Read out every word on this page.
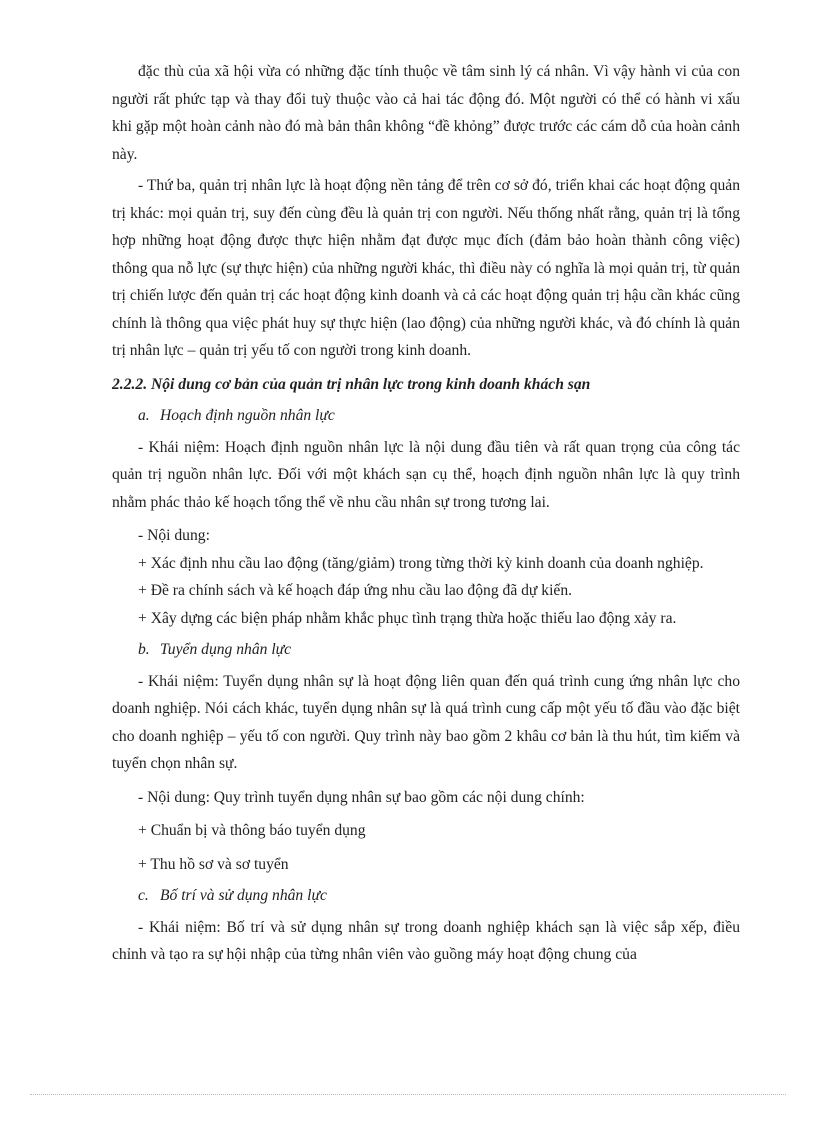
đặc thù của xã hội vừa có những đặc tính thuộc về tâm sinh lý cá nhân. Vì vậy hành vi của con người rất phức tạp và thay đổi tuỳ thuộc vào cả hai tác động đó. Một người có thể có hành vi xấu khi gặp một hoàn cảnh nào đó mà bản thân không “đề khỏng” được trước các cám dỗ của hoàn cảnh này.

- Thứ ba, quản trị nhân lực là hoạt động nền tảng để trên cơ sở đó, triển khai các hoạt động quản trị khác: mọi quản trị, suy đến cùng đều là quản trị con người. Nếu thống nhất rằng, quản trị là tổng hợp những hoạt động được thực hiện nhằm đạt được mục đích (đảm bảo hoàn thành công việc) thông qua nỗ lực (sự thực hiện) của những người khác, thì điều này có nghĩa là mọi quản trị, từ quản trị chiến lược đến quản trị các hoạt động kinh doanh và cả các hoạt động quản trị hậu cần khác cũng chính là thông qua việc phát huy sự thực hiện (lao động) của những người khác, và đó chính là quản trị nhân lực – quản trị yếu tố con người trong kinh doanh.

2.2.2. Nội dung cơ bản của quản trị nhân lực trong kinh doanh khách sạn

a. Hoạch định nguồn nhân lực

- Khái niệm: Hoạch định nguồn nhân lực là nội dung đầu tiên và rất quan trọng của công tác quản trị nguồn nhân lực. Đối với một khách sạn cụ thể, hoạch định nguồn nhân lực là quy trình nhằm phác thảo kế hoạch tổng thể về nhu cầu nhân sự trong tương lai.

- Nội dung:

+ Xác định nhu cầu lao động (tăng/giảm) trong từng thời kỳ kinh doanh của doanh nghiệp.

+ Đề ra chính sách và kế hoạch đáp ứng nhu cầu lao động đã dự kiến.

+ Xây dựng các biện pháp nhằm khắc phục tình trạng thừa hoặc thiếu lao động xảy ra.

b. Tuyển dụng nhân lực

- Khái niệm: Tuyển dụng nhân sự là hoạt động liên quan đến quá trình cung ứng nhân lực cho doanh nghiệp. Nói cách khác, tuyển dụng nhân sự là quá trình cung cấp một yếu tố đầu vào đặc biệt cho doanh nghiệp – yếu tố con người. Quy trình này bao gồm 2 khâu cơ bản là thu hút, tìm kiếm và tuyển chọn nhân sự.

- Nội dung: Quy trình tuyển dụng nhân sự bao gồm các nội dung chính:

+ Chuẩn bị và thông báo tuyển dụng

+ Thu hồ sơ và sơ tuyển

c. Bố trí và sử dụng nhân lực

- Khái niệm: Bố trí và sử dụng nhân sự trong doanh nghiệp khách sạn là việc sắp xếp, điều chỉnh và tạo ra sự hội nhập của từng nhân viên vào guồng máy hoạt động chung của
